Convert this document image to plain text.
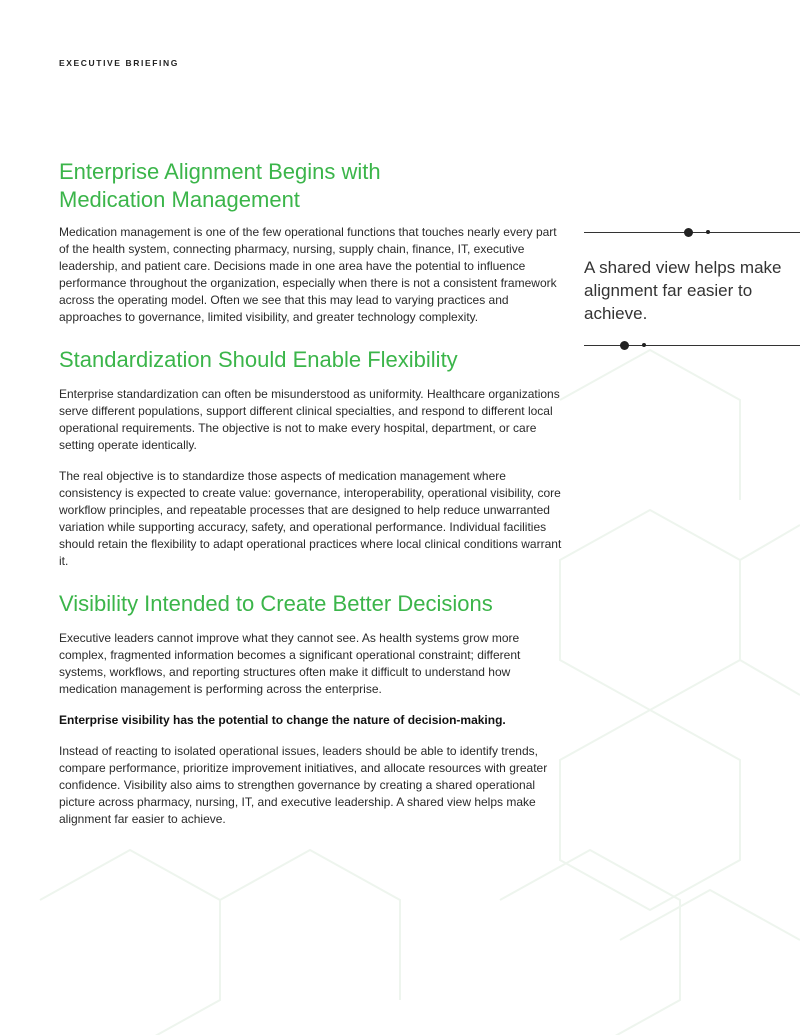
EXECUTIVE BRIEFING
Enterprise Alignment Begins with
Medication Management

Medication management is one of the few operational functions that touches nearly every part of the health system, connecting pharmacy, nursing, supply chain, finance, IT, executive leadership, and patient care. Decisions made in one area have the potential to influence performance throughout the organization, especially when there is not a consistent framework across the operating model. Often we see that this may lead to varying practices and approaches to governance, limited visibility, and greater technology complexity.

Standardization Should Enable Flexibility

Enterprise standardization can often be misunderstood as uniformity. Healthcare organizations serve different populations, support different clinical specialties, and respond to different local operational requirements. The objective is not to make every hospital, department, or care setting operate identically.

The real objective is to standardize those aspects of medication management where consistency is expected to create value: governance, interoperability, operational visibility, core workflow principles, and repeatable processes that are designed to help reduce unwarranted variation while supporting accuracy, safety, and operational performance. Individual facilities should retain the flexibility to adapt operational practices where local clinical conditions warrant it.

Visibility Intended to Create Better Decisions

Executive leaders cannot improve what they cannot see. As health systems grow more complex, fragmented information becomes a significant operational constraint; different systems, workflows, and reporting structures often make it difficult to understand how medication management is performing across the enterprise.

Enterprise visibility has the potential to change the nature of decision-making.

Instead of reacting to isolated operational issues, leaders should be able to identify trends, compare performance, prioritize improvement initiatives, and allocate resources with greater confidence. Visibility also aims to strengthen governance by creating a shared operational picture across pharmacy, nursing, IT, and executive leadership. A shared view helps make alignment far easier to achieve.

A shared view helps make alignment far easier to achieve.
